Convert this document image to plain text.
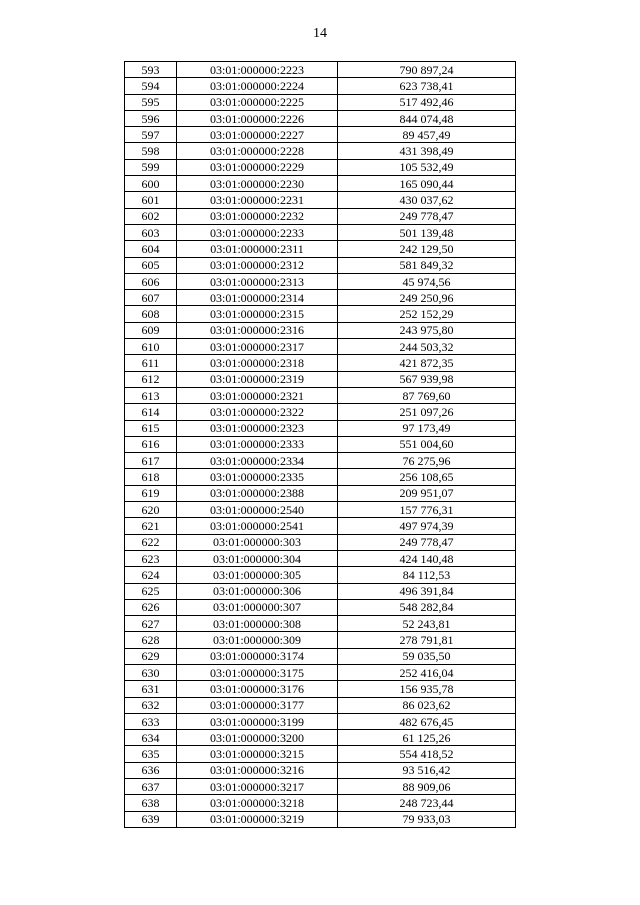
14
593	03:01:000000:2223	790 897,24
594	03:01:000000:2224	623 738,41
595	03:01:000000:2225	517 492,46
596	03:01:000000:2226	844 074,48
597	03:01:000000:2227	89 457,49
598	03:01:000000:2228	431 398,49
599	03:01:000000:2229	105 532,49
600	03:01:000000:2230	165 090,44
601	03:01:000000:2231	430 037,62
602	03:01:000000:2232	249 778,47
603	03:01:000000:2233	501 139,48
604	03:01:000000:2311	242 129,50
605	03:01:000000:2312	581 849,32
606	03:01:000000:2313	45 974,56
607	03:01:000000:2314	249 250,96
608	03:01:000000:2315	252 152,29
609	03:01:000000:2316	243 975,80
610	03:01:000000:2317	244 503,32
611	03:01:000000:2318	421 872,35
612	03:01:000000:2319	567 939,98
613	03:01:000000:2321	87 769,60
614	03:01:000000:2322	251 097,26
615	03:01:000000:2323	97 173,49
616	03:01:000000:2333	551 004,60
617	03:01:000000:2334	76 275,96
618	03:01:000000:2335	256 108,65
619	03:01:000000:2388	209 951,07
620	03:01:000000:2540	157 776,31
621	03:01:000000:2541	497 974,39
622	03:01:000000:303	249 778,47
623	03:01:000000:304	424 140,48
624	03:01:000000:305	84 112,53
625	03:01:000000:306	496 391,84
626	03:01:000000:307	548 282,84
627	03:01:000000:308	52 243,81
628	03:01:000000:309	278 791,81
629	03:01:000000:3174	59 035,50
630	03:01:000000:3175	252 416,04
631	03:01:000000:3176	156 935,78
632	03:01:000000:3177	86 023,62
633	03:01:000000:3199	482 676,45
634	03:01:000000:3200	61 125,26
635	03:01:000000:3215	554 418,52
636	03:01:000000:3216	93 516,42
637	03:01:000000:3217	88 909,06
638	03:01:000000:3218	248 723,44
639	03:01:000000:3219	79 933,03
